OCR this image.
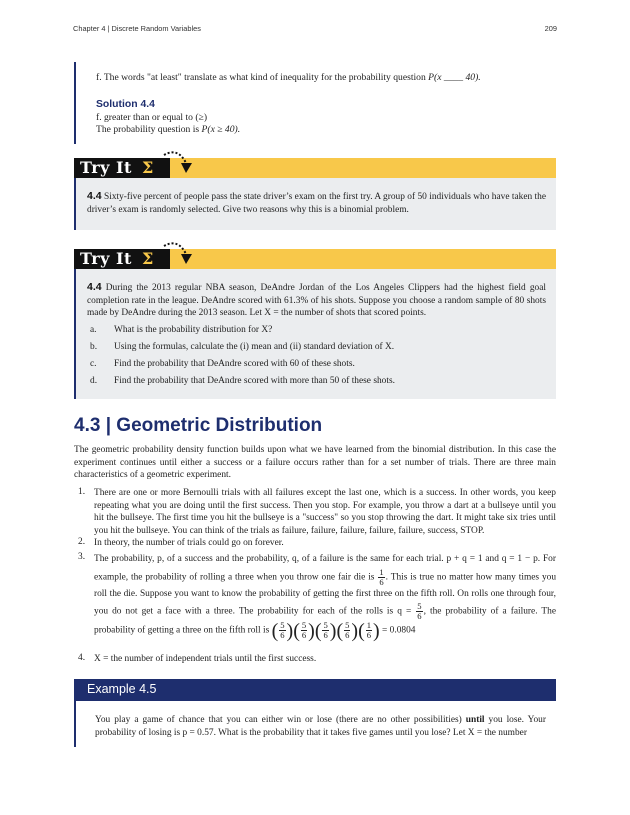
Chapter 4 | Discrete Random Variables	209
f. The words "at least" translate as what kind of inequality for the probability question P(x ____ 40).
Solution 4.4
f. greater than or equal to (≥)
The probability question is P(x ≥ 40).
Try It Σ
4.4 Sixty-five percent of people pass the state driver’s exam on the first try. A group of 50 individuals who have taken the driver’s exam is randomly selected. Give two reasons why this is a binomial problem.
Try It Σ
4.4 During the 2013 regular NBA season, DeAndre Jordan of the Los Angeles Clippers had the highest field goal completion rate in the league. DeAndre scored with 61.3% of his shots. Suppose you choose a random sample of 80 shots made by DeAndre during the 2013 season. Let X = the number of shots that scored points.
a. What is the probability distribution for X?
b. Using the formulas, calculate the (i) mean and (ii) standard deviation of X.
c. Find the probability that DeAndre scored with 60 of these shots.
d. Find the probability that DeAndre scored with more than 50 of these shots.
4.3 | Geometric Distribution
The geometric probability density function builds upon what we have learned from the binomial distribution. In this case the experiment continues until either a success or a failure occurs rather than for a set number of trials. There are three main characteristics of a geometric experiment.
1. There are one or more Bernoulli trials with all failures except the last one, which is a success. In other words, you keep repeating what you are doing until the first success. Then you stop. For example, you throw a dart at a bullseye until you hit the bullseye. The first time you hit the bullseye is a "success" so you stop throwing the dart. It might take six tries until you hit the bullseye. You can think of the trials as failure, failure, failure, failure, failure, success, STOP.
2. In theory, the number of trials could go on forever.
3. The probability, p, of a success and the probability, q, of a failure is the same for each trial. p + q = 1 and q = 1 − p. For example, the probability of rolling a three when you throw one fair die is $\frac{1}{6}$ . This is true no matter how many times you roll the die. Suppose you want to know the probability of getting the first three on the fifth roll. On rolls one through four, you do not get a face with a three. The probability for each of the rolls is $q = \frac{5}{6}$ , the probability of a failure. The probability of getting a three on the fifth roll is ( $\frac{5}{6}$ )( $\frac{5}{6}$ )( $\frac{5}{6}$ )( $\frac{5}{6}$ )( $\frac{1}{6}$ ) = 0.0804
4. X = the number of independent trials until the first success.
Example 4.5
You play a game of chance that you can either win or lose (there are no other possibilities) until you lose. Your probability of losing is p = 0.57. What is the probability that it takes five games until you lose? Let X = the number
